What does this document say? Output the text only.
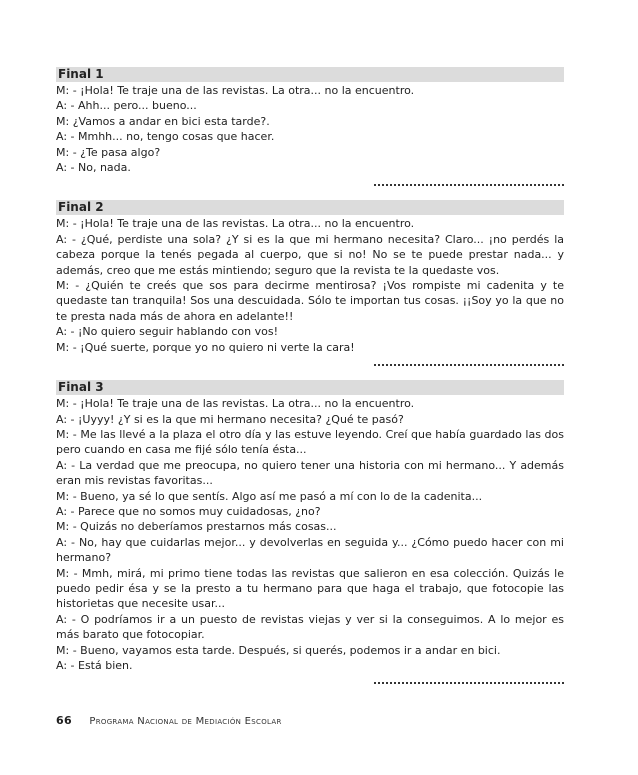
Final 1
M: - ¡Hola! Te traje una de las revistas. La otra... no la encuentro.
A: - Ahh... pero... bueno...
M: ¿Vamos a andar en bici esta tarde?.
A: - Mmhh... no, tengo cosas que hacer.
M: - ¿Te pasa algo?
A: - No, nada.
Final 2
M: - ¡Hola! Te traje una de las revistas. La otra... no la encuentro.
A: - ¿Qué, perdiste una sola? ¿Y si es la que mi hermano necesita? Claro... ¡no perdés la cabeza porque la tenés pegada al cuerpo, que si no! No se te puede prestar nada... y además, creo que me estás mintiendo; seguro que la revista te la quedaste vos.
M: - ¿Quién te creés que sos para decirme mentirosa? ¡Vos rompiste mi cadenita y te quedaste tan tranquila! Sos una descuidada. Sólo te importan tus cosas. ¡¡Soy yo la que no te presta nada más de ahora en adelante!!
A: - ¡No quiero seguir hablando con vos!
M: - ¡Qué suerte, porque yo no quiero ni verte la cara!
Final 3
M: - ¡Hola! Te traje una de las revistas. La otra... no la encuentro.
A: - ¡Uyyy! ¿Y si es la que mi hermano necesita? ¿Qué te pasó?
M: - Me las llevé a la plaza el otro día y las estuve leyendo. Creí que había guardado las dos pero cuando en casa me fijé sólo tenía ésta...
A: - La verdad que me preocupa, no quiero tener una historia con mi hermano... Y además eran mis revistas favoritas...
M: - Bueno, ya sé lo que sentís. Algo así me pasó a mí con lo de la cadenita...
A: - Parece que no somos muy cuidadosas, ¿no?
M: - Quizás no deberíamos prestarnos más cosas...
A: - No, hay que cuidarlas mejor... y devolverlas en seguida y... ¿Cómo puedo hacer con mi hermano?
M: - Mmh, mirá, mi primo tiene todas las revistas que salieron en esa colección. Quizás le puedo pedir ésa y se la presto a tu hermano para que haga el trabajo, que fotocopie las historietas que necesite usar...
A: - O podríamos ir a un puesto de revistas viejas y ver si la conseguimos. A lo mejor es más barato que fotocopiar.
M: - Bueno, vayamos esta tarde. Después, si querés, podemos ir a andar en bici.
A: - Está bien.
66 Programa Nacional de Mediación Escolar
